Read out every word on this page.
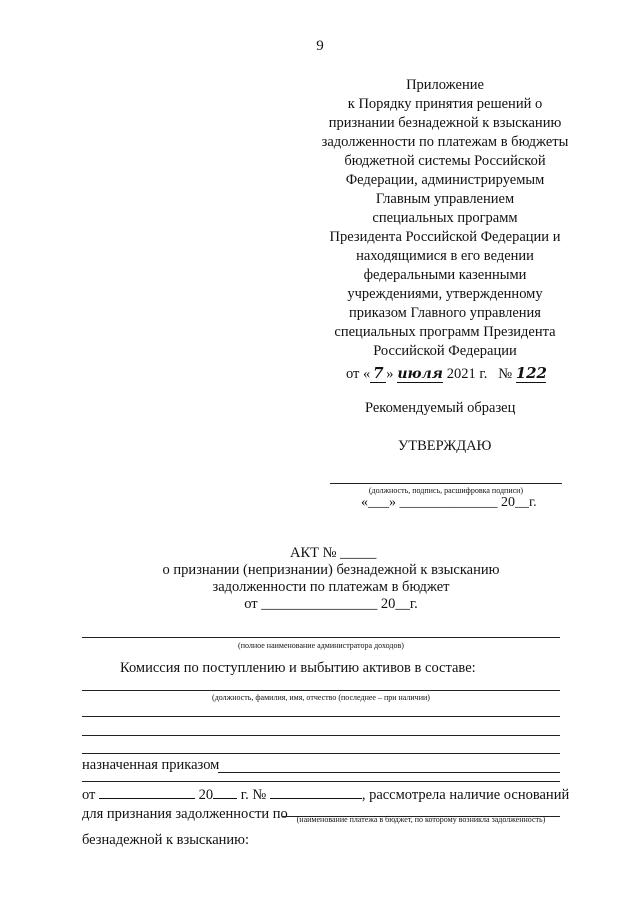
9
Приложение
к Порядку принятия решений о
признании безнадежной к взысканию
задолженности по платежам в бюджеты
бюджетной системы Российской
Федерации, администрируемым
Главным управлением
специальных программ
Президента Российской Федерации и
находящимися в его ведении
федеральными казенными
учреждениями, утвержденному
приказом Главного управления
специальных программ Президента
Российской Федерации
от « 7 » июля 2021 г. № 122
Рекомендуемый образец
УТВЕРЖДАЮ
(должность, подпись, расшифровка подписи)
«___» ______________ 20__г.
АКТ № _____
о признании (непризнании) безнадежной к взысканию
задолженности по платежам в бюджет
от ________________ 20__г.
(полное наименование администратора доходов)
Комиссия по поступлению и выбытию активов в составе:
(должность, фамилия, имя, отчество (последнее – при наличии)
назначенная приказом
от	20 г. №	, рассмотрела наличие оснований
для признания задолженности по	(наименование платежа в бюджет, по которому возникла задолженность)
безнадежной к взысканию:
